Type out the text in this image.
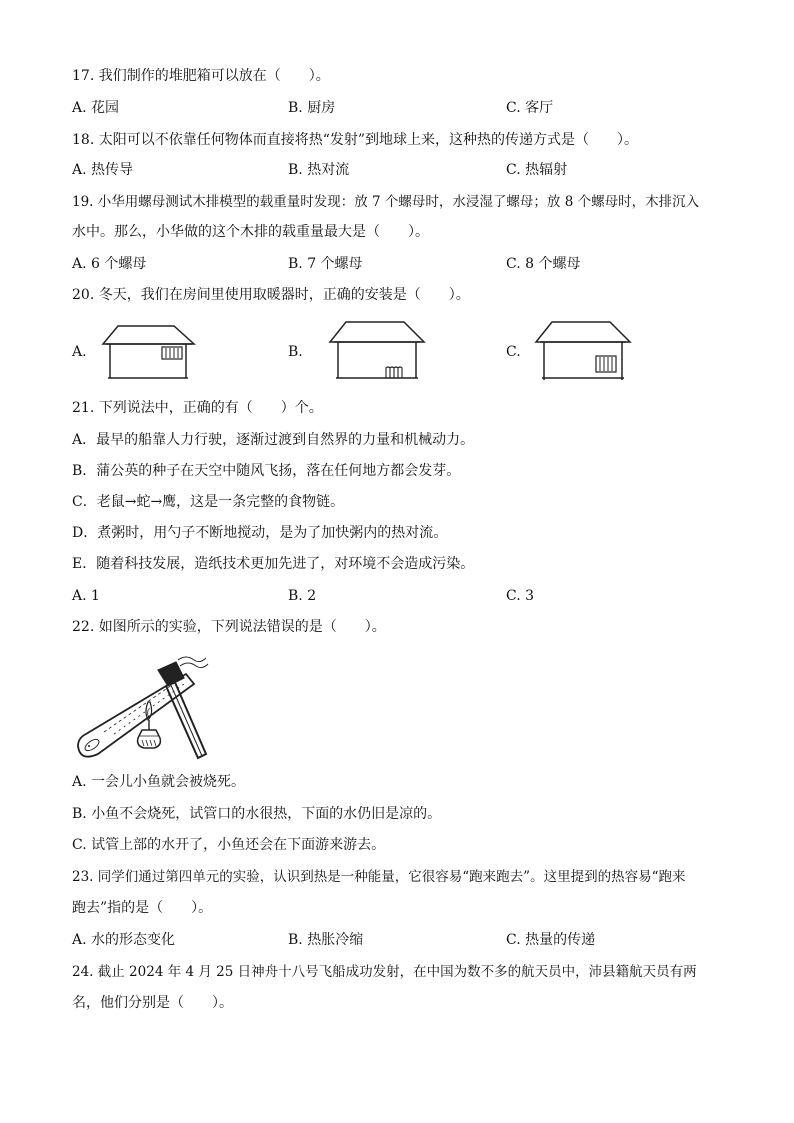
17. 我们制作的堆肥箱可以放在（　　）。
A. 花园	B. 厨房	C. 客厅
18. 太阳可以不依靠任何物体而直接将热“发射”到地球上来，这种热的传递方式是（　　）。
A. 热传导	B. 热对流	C. 热辐射
19. 小华用螺母测试木排模型的载重量时发现：放 7 个螺母时，水浸湿了螺母；放 8 个螺母时，木排沉入
水中。那么，小华做的这个木排的载重量最大是（　　）。
A. 6 个螺母	B. 7 个螺母	C. 8 个螺母
20. 冬天，我们在房间里使用取暖器时，正确的安装是（　　）。
A.	B.	C.
21. 下列说法中，正确的有（　　）个。
A．最早的船靠人力行驶，逐渐过渡到自然界的力量和机械动力。
B．蒲公英的种子在天空中随风飞扬，落在任何地方都会发芽。
C．老鼠→蛇→鹰，这是一条完整的食物链。
D．煮粥时，用勺子不断地搅动，是为了加快粥内的热对流。
E．随着科技发展，造纸技术更加先进了，对环境不会造成污染。
A. 1	B. 2	C. 3
22. 如图所示的实验，下列说法错误的是（　　）。
A. 一会儿小鱼就会被烧死。
B. 小鱼不会烧死，试管口的水很热，下面的水仍旧是凉的。
C. 试管上部的水开了，小鱼还会在下面游来游去。
23. 同学们通过第四单元的实验，认识到热是一种能量，它很容易“跑来跑去”。这里提到的热容易“跑来
跑去”指的是（　　）。
A. 水的形态变化	B. 热胀冷缩	C. 热量的传递
24. 截止 2024 年 4 月 25 日神舟十八号飞船成功发射，在中国为数不多的航天员中，沛县籍航天员有两
名，他们分别是（　　）。
